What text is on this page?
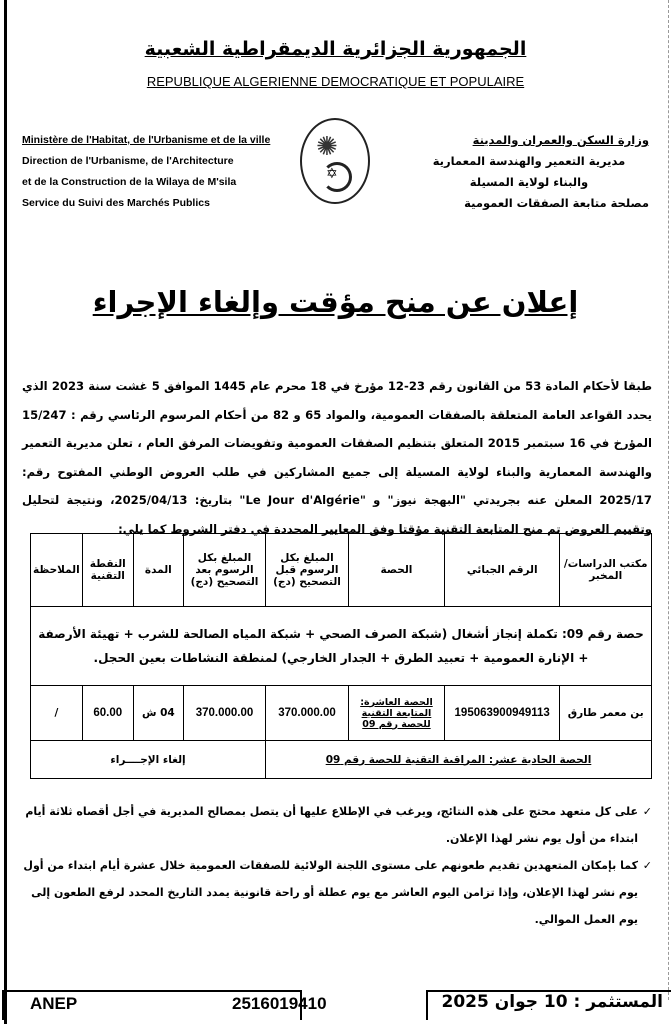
الجمهورية الجزائرية الديمقراطية الشعبية
REPUBLIQUE ALGERIENNE DEMOCRATIQUE ET POPULAIRE
Ministère de l'Habitat, de l'Urbanisme et de la ville
Direction de l'Urbanisme, de l'Architecture
et de la Construction de la Wilaya de M'sila
Service du Suivi des Marchés Publics
✺
✡
وزارة السكن والعمران والمدينة
مديرية التعمير والهندسة المعمارية
والبناء لولاية المسيلة
مصلحة متابعة الصفقات العمومية
إعلان عن منح مؤقت وإلغاء الإجراء
طبقا لأحكام المادة 53 من القانون رقم 23-12 مؤرخ في 18 محرم عام 1445 الموافق 5 غشت سنة 2023 الذي يحدد القواعد العامة المتعلقة بالصفقات العمومية، والمواد 65 و 82 من أحكام المرسوم الرئاسي رقم : 15/247 المؤرخ في 16 سبتمبر 2015 المتعلق بتنظيم الصفقات العمومية وتفويضات المرفق العام ، تعلن مديرية التعمير والهندسة المعمارية والبناء لولاية المسيلة إلى جميع المشاركين في طلب العروض الوطني المفتوح رقم: 2025/17 المعلن عنه بجريدتي "البهجة نيوز" و "Le Jour d'Algérie" بتاريخ: 2025/04/13، ونتيجة لتحليل وتقييم العروض تم منح المتابعة التقنية مؤقتا وفق المعايير المحددة في دفتر الشروط كما يلي:
مكتب الدراسات/ المخبر	الرقم الجبائي	الحصة	المبلغ بكل الرسوم قبل التصحيح (دج)	المبلغ بكل الرسوم بعد التصحيح (دج)	المدة	النقطة التقنية	الملاحظة
حصة رقم 09: تكملة إنجاز أشغال (شبكة الصرف الصحي + شبكة المياه الصالحة للشرب + تهيئة الأرصفة + الإنارة العمومية + تعبيد الطرق + الجدار الخارجي) لمنطقة النشاطات بعين الحجل.							
بن معمر طارق	195063900949113	الحصة العاشرة: المتابعة التقنية للحصة رقم 09	370.000.00	370.000.00	04 ش	60.00	/
الحصة الحادية عشر: المراقبة التقنية للحصة رقم 09				إلغاء الإجــــراء			
✓
على كل متعهد محتج على هذه النتائج، ويرغب في الإطلاع عليها أن يتصل بمصالح المديرية في أجل أقصاه ثلاثة أيام ابتداء من أول يوم نشر لهذا الإعلان.
✓
كما بإمكان المتعهدين تقديم طعونهم على مستوى اللجنة الولائية للصفقات العمومية خلال عشرة أيام ابتداء من أول يوم نشر لهذا الإعلان، وإذا تزامن اليوم العاشر مع يوم عطلة أو راحة قانونية يمدد التاريخ المحدد لرفع الطعون إلى يوم العمل الموالي.
ANEP	2516019410	المستثمر : 10 جوان 2025
